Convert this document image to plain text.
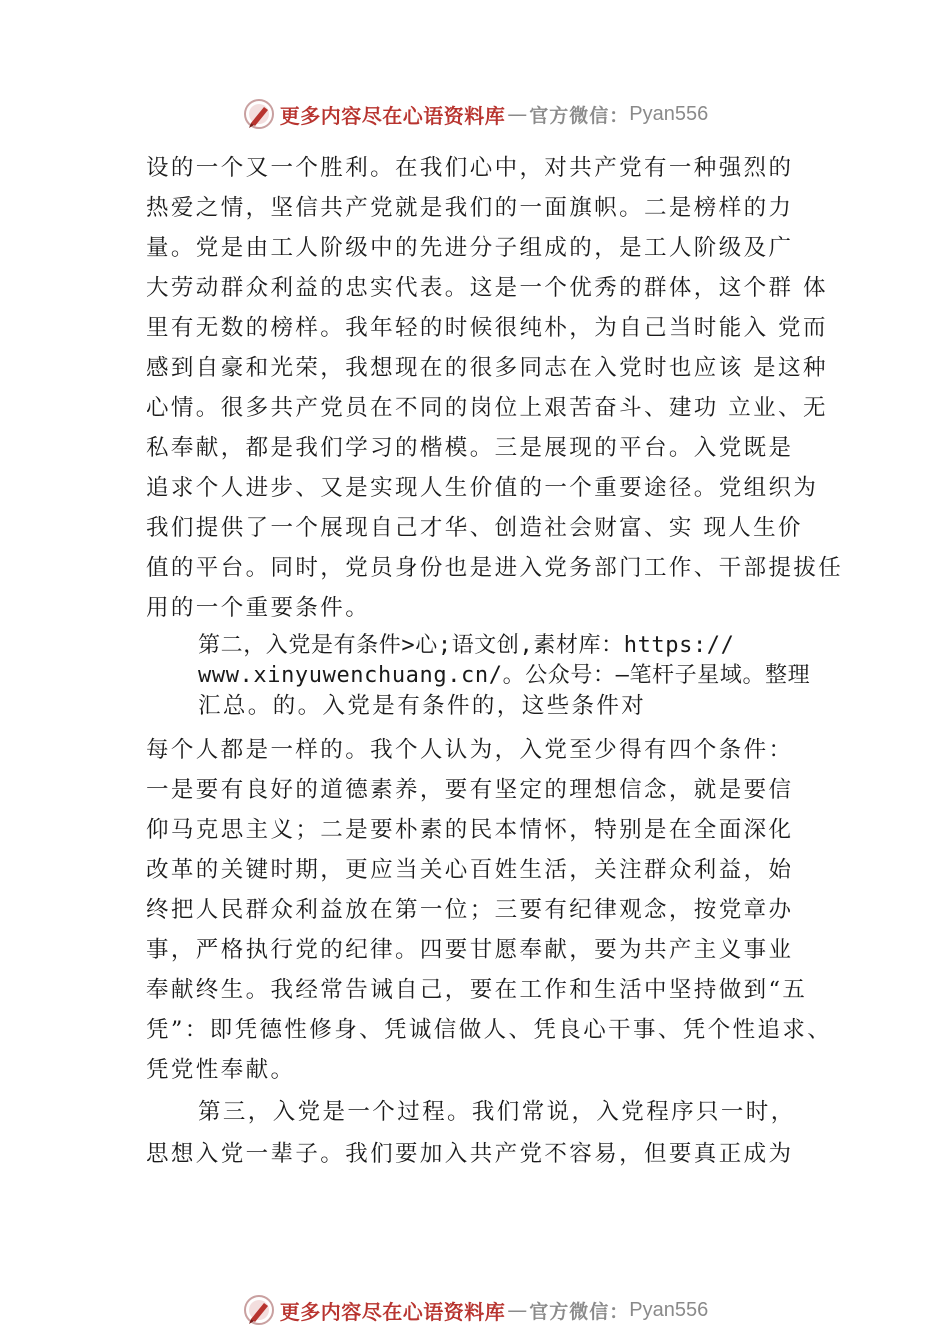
更多内容尽在心语资料库 — 官方微信： Pyan556
设的一个又一个胜利。在我们心中，对共产党有一种强烈的
热爱之情，坚信共产党就是我们的一面旗帜。二是榜样的力
量。党是由工人阶级中的先进分子组成的，是工人阶级及广
大劳动群众利益的忠实代表。这是一个优秀的群体，这个群 体
里有无数的榜样。我年轻的时候很纯朴，为自己当时能入 党而
感到自豪和光荣，我想现在的很多同志在入党时也应该 是这种
心情。很多共产党员在不同的岗位上艰苦奋斗、建功 立业、无
私奉献，都是我们学习的楷模。三是展现的平台。入党既是
追求个人进步、又是实现人生价值的一个重要途径。党组织为
我们提供了一个展现自己才华、创造社会财富、实 现人生价
值的平台。同时，党员身份也是进入党务部门工作、干部提拔任
用的一个重要条件。
第二，入党是有条件>心;语文创,素材库：https://
www.xinyuwenchuang.cn/。公众号：—笔杆子星域。整理
汇总。的。入党是有条件的，这些条件对
每个人都是一样的。我个人认为，入党至少得有四个条件：
一是要有良好的道德素养，要有坚定的理想信念，就是要信
仰马克思主义；二是要朴素的民本情怀，特别是在全面深化
改革的关键时期，更应当关心百姓生活，关注群众利益，始
终把人民群众利益放在第一位；三要有纪律观念，按党章办
事，严格执行党的纪律。四要甘愿奉献，要为共产主义事业
奉献终生。我经常告诫自己，要在工作和生活中坚持做到“五
凭”：即凭德性修身、凭诚信做人、凭良心干事、凭个性追求、
凭党性奉献。
第三，入党是一个过程。我们常说，入党程序只一时，
思想入党一辈子。我们要加入共产党不容易，但要真正成为
更多内容尽在心语资料库 — 官方微信： Pyan556
